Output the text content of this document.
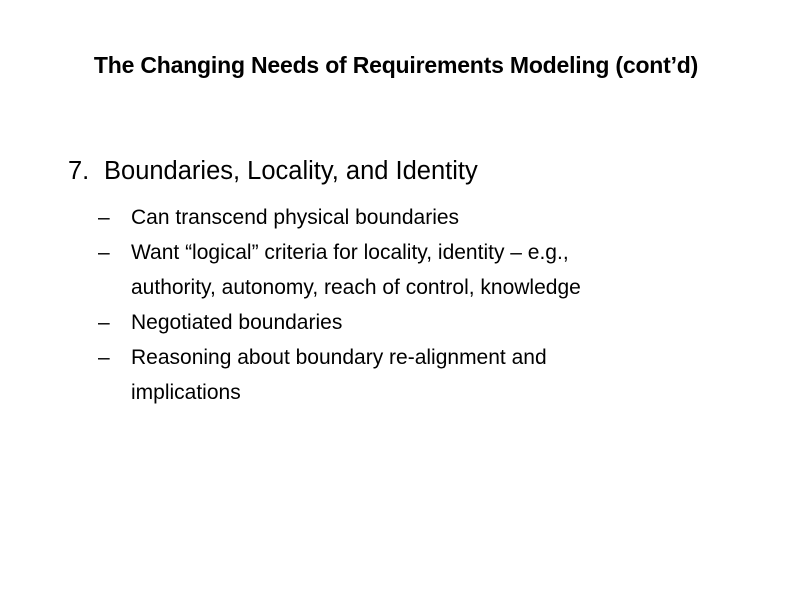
The Changing Needs of Requirements Modeling (cont’d)
7. Boundaries, Locality, and Identity
– Can transcend physical boundaries
– Want “logical” criteria for locality, identity – e.g.,
authority, autonomy, reach of control, knowledge
– Negotiated boundaries
– Reasoning about boundary re-alignment and
implications
